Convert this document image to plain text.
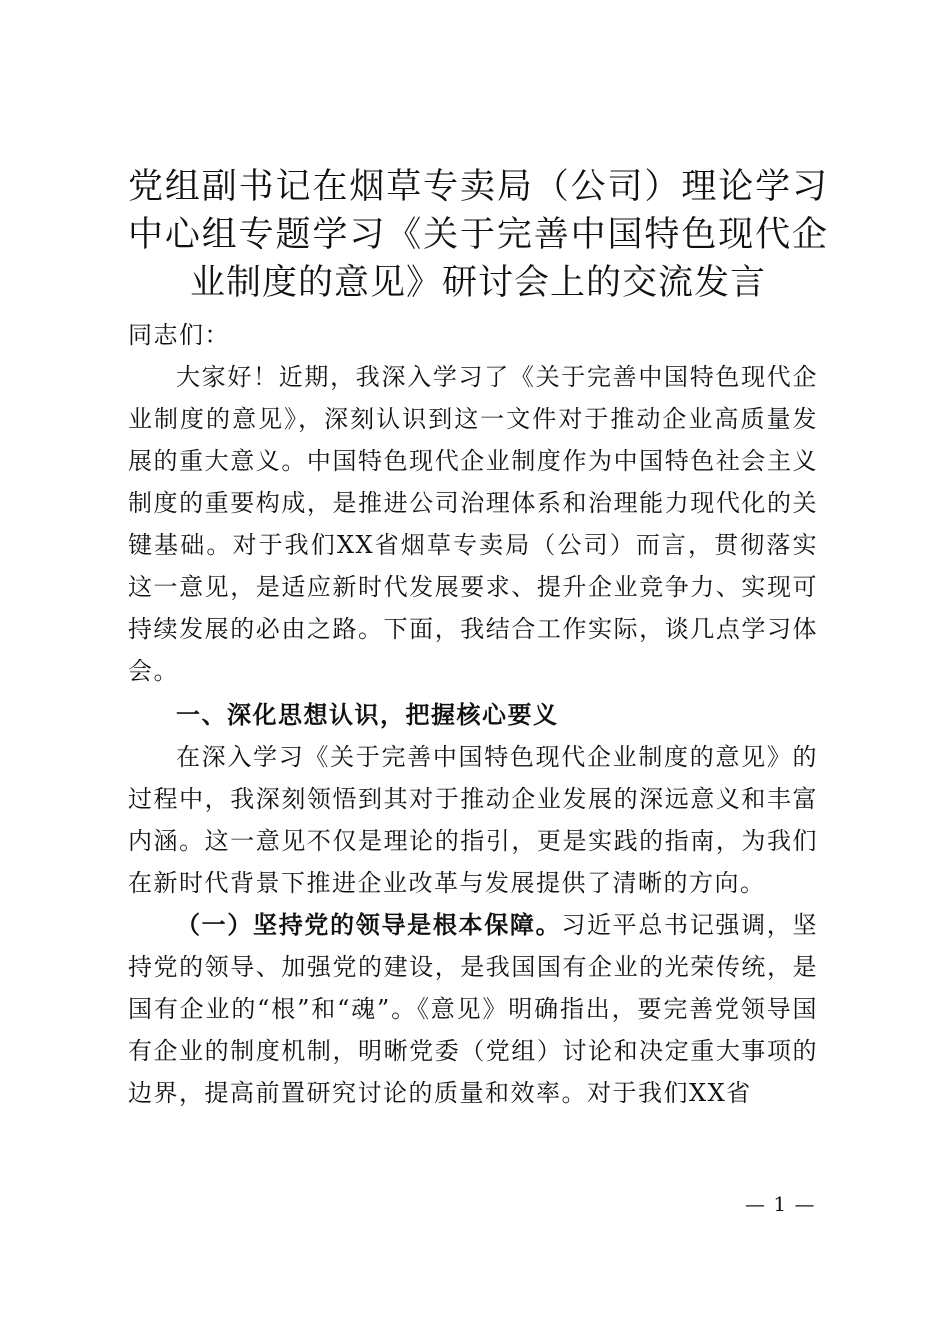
党组副书记在烟草专卖局（公司）理论学习中心组专题学习《关于完善中国特色现代企业制度的意见》研讨会上的交流发言

同志们：

大家好！近期，我深入学习了《关于完善中国特色现代企业制度的意见》，深刻认识到这一文件对于推动企业高质量发展的重大意义。中国特色现代企业制度作为中国特色社会主义制度的重要构成，是推进公司治理体系和治理能力现代化的关键基础。对于我们XX省烟草专卖局（公司）而言，贯彻落实这一意见，是适应新时代发展要求、提升企业竞争力、实现可持续发展的必由之路。下面，我结合工作实际，谈几点学习体会。

一、深化思想认识，把握核心要义

在深入学习《关于完善中国特色现代企业制度的意见》的过程中，我深刻领悟到其对于推动企业发展的深远意义和丰富内涵。这一意见不仅是理论的指引，更是实践的指南，为我们在新时代背景下推进企业改革与发展提供了清晰的方向。

（一）坚持党的领导是根本保障。习近平总书记强调，坚持党的领导、加强党的建设，是我国国有企业的光荣传统，是国有企业的“根”和“魂”。《意见》明确指出，要完善党领导国有企业的制度机制，明晰党委（党组）讨论和决定重大事项的边界，提高前置研究讨论的质量和效率。对于我们XX省

— 1 —
